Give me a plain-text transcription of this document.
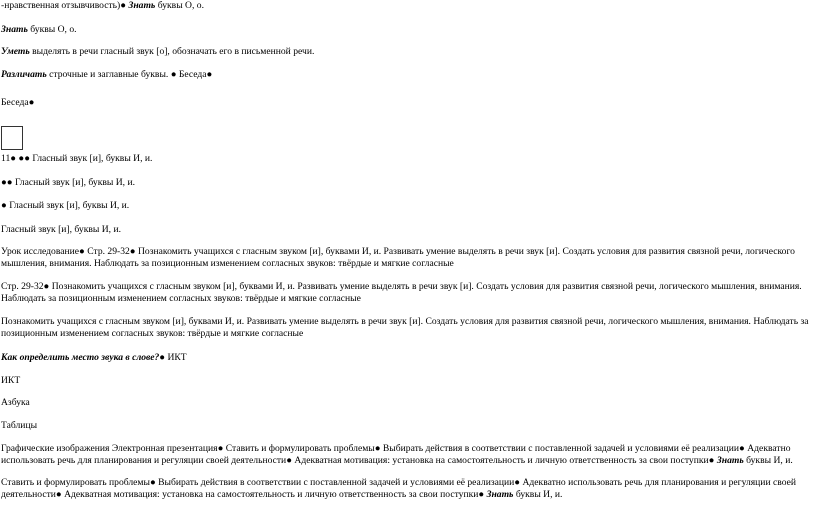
-нравственная отзывчивость)● Знать буквы О, о.
Знать буквы О, о.
Уметь выделять в речи гласный звук [о], обозначать его в письменной речи.
Различать строчные и заглавные буквы. ● Беседа●
Беседа●
11● ●● Гласный звук [и], буквы И, и.
●● Гласный звук [и], буквы И, и.
● Гласный звук [и], буквы И, и.
Гласный звук [и], буквы И, и.
Урок исследование● Стр. 29-32● Познакомить учащихся с гласным звуком [и], буквами И, и. Развивать умение выделять в речи звук [и]. Создать условия для развития связной речи, логического мышления, внимания. Наблюдать за позиционным изменением согласных звуков: твёрдые и мягкие согласные
Стр. 29-32● Познакомить учащихся с гласным звуком [и], буквами И, и. Развивать умение выделять в речи звук [и]. Создать условия для развития связной речи, логического мышления, внимания. Наблюдать за позиционным изменением согласных звуков: твёрдые и мягкие согласные
Познакомить учащихся с гласным звуком [и], буквами И, и. Развивать умение выделять в речи звук [и]. Создать условия для развития связной речи, логического мышления, внимания. Наблюдать за позиционным изменением согласных звуков: твёрдые и мягкие согласные
Как определить место звука в слове?● ИКТ
ИКТ
Азбука
Таблицы
Графические изображения Электронная презентация● Ставить и формулировать проблемы● Выбирать действия в соответствии с поставленной задачей и условиями её реализации● Адекватно использовать речь для планирования и регуляции своей деятельности● Адекватная мотивация: установка на самостоятельность и личную ответственность за свои поступки● Знать буквы И, и.
Ставить и формулировать проблемы● Выбирать действия в соответствии с поставленной задачей и условиями её реализации● Адекватно использовать речь для планирования и регуляции своей деятельности● Адекватная мотивация: установка на самостоятельность и личную ответственность за свои поступки● Знать буквы И, и.
